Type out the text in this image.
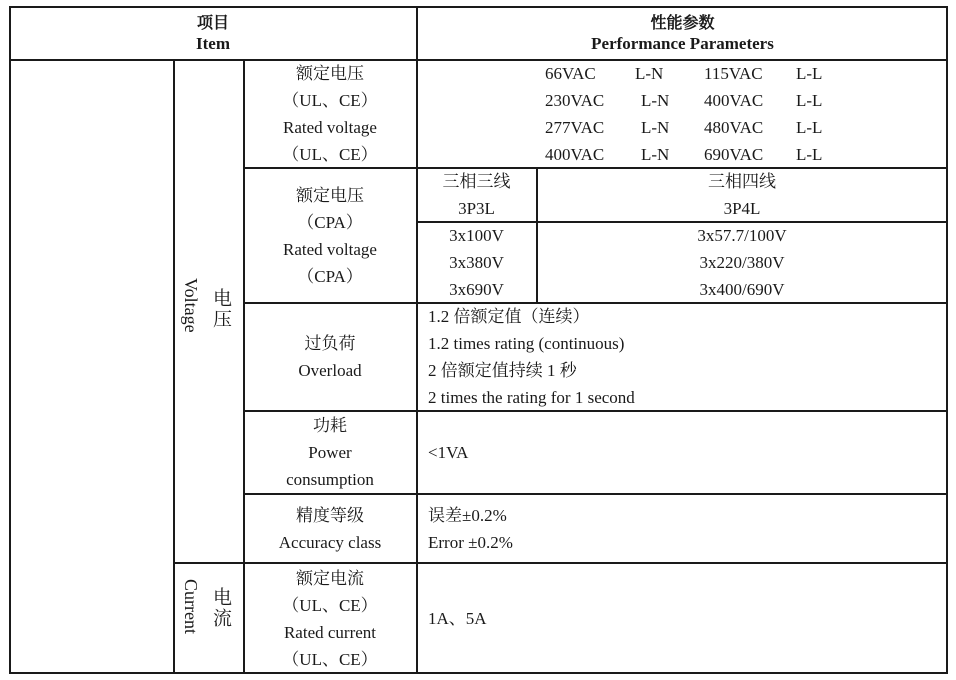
项目
Item
性能参数
Performance Parameters
Voltage 电压
额定电压
（UL、CE）
Rated voltage
（UL、CE）
66VAC L-N 115VAC L-L
230VAC L-N 400VAC L-L
277VAC L-N 480VAC L-L
400VAC L-N 690VAC L-L
额定电压
（CPA）
Rated voltage
（CPA）
三相三线
3P3L
三相四线
3P4L
3x100V
3x380V
3x690V
3x57.7/100V
3x220/380V
3x400/690V
过负荷
Overload
1.2 倍额定值（连续）
1.2 times rating (continuous)
2 倍额定值持续 1 秒
2 times the rating for 1 second
功耗
Power
consumption
<1VA
精度等级
Accuracy class
误差±0.2%
Error ±0.2%
Current 电流
额定电流
（UL、CE）
Rated current
（UL、CE）
1A、5A
